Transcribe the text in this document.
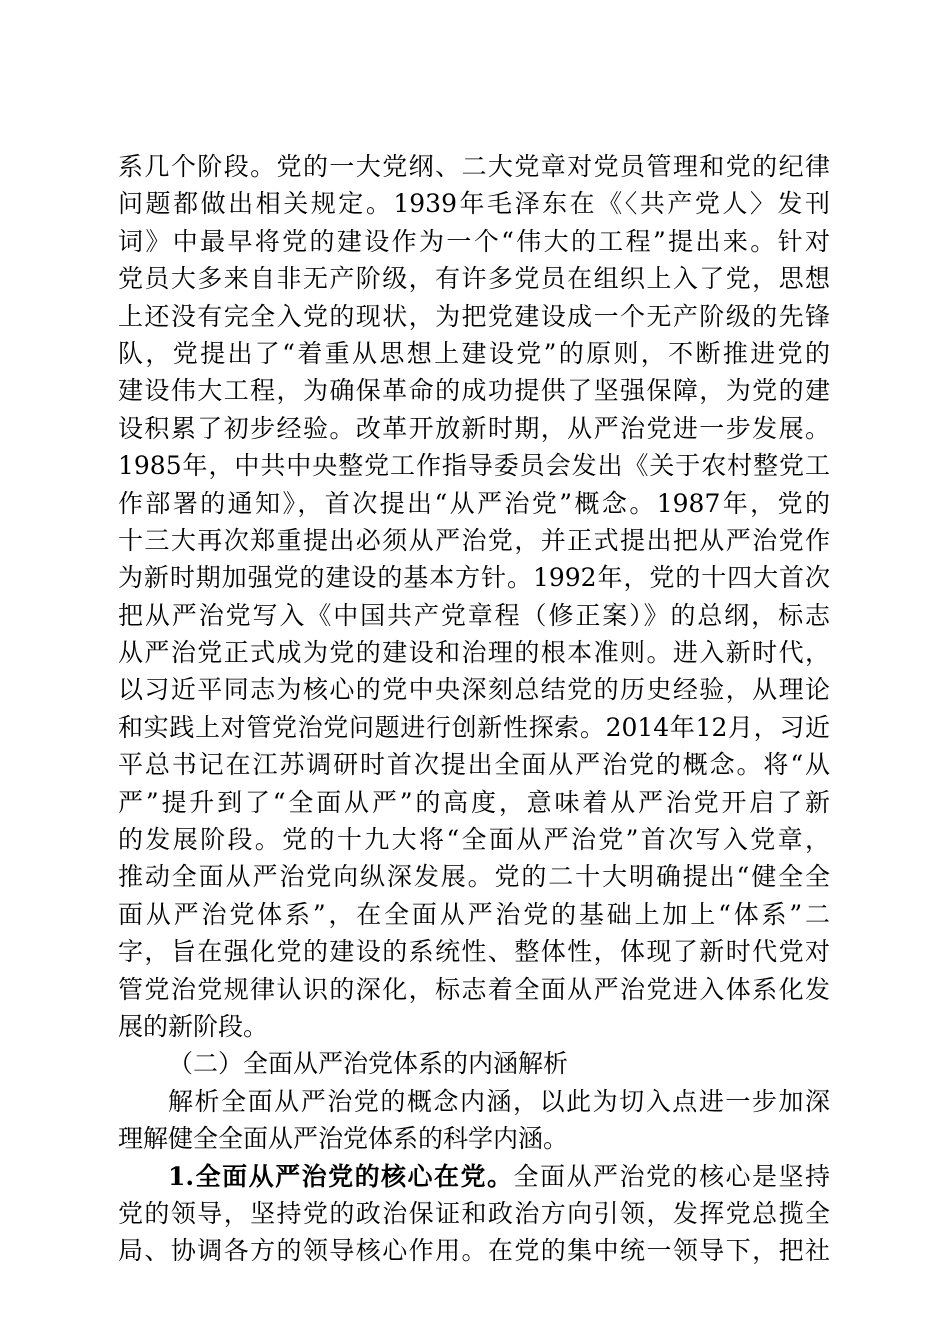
系几个阶段。党的一大党纲、二大党章对党员管理和党的纪律
问题都做出相关规定。1939年毛泽东在《〈共产党人〉发刊
词》中最早将党的建设作为一个“伟大的工程”提出来。针对
党员大多来自非无产阶级，有许多党员在组织上入了党，思想
上还没有完全入党的现状，为把党建设成一个无产阶级的先锋
队，党提出了“着重从思想上建设党”的原则，不断推进党的
建设伟大工程，为确保革命的成功提供了坚强保障，为党的建
设积累了初步经验。改革开放新时期，从严治党进一步发展。
1985年，中共中央整党工作指导委员会发出《关于农村整党工
作部署的通知》，首次提出“从严治党”概念。1987年，党的
十三大再次郑重提出必须从严治党，并正式提出把从严治党作
为新时期加强党的建设的基本方针。1992年，党的十四大首次
把从严治党写入《中国共产党章程（修正案）》的总纲，标志
从严治党正式成为党的建设和治理的根本准则。进入新时代，
以习近平同志为核心的党中央深刻总结党的历史经验，从理论
和实践上对管党治党问题进行创新性探索。2014年12月，习近
平总书记在江苏调研时首次提出全面从严治党的概念。将“从
严”提升到了“全面从严”的高度，意味着从严治党开启了新
的发展阶段。党的十九大将“全面从严治党”首次写入党章，
推动全面从严治党向纵深发展。党的二十大明确提出“健全全
面从严治党体系”，在全面从严治党的基础上加上“体系”二
字，旨在强化党的建设的系统性、整体性，体现了新时代党对
管党治党规律认识的深化，标志着全面从严治党进入体系化发
展的新阶段。
（二）全面从严治党体系的内涵解析
解析全面从严治党的概念内涵，以此为切入点进一步加深
理解健全全面从严治党体系的科学内涵。
1.全面从严治党的核心在党。全面从严治党的核心是坚持
党的领导，坚持党的政治保证和政治方向引领，发挥党总揽全
局、协调各方的领导核心作用。在党的集中统一领导下，把社
